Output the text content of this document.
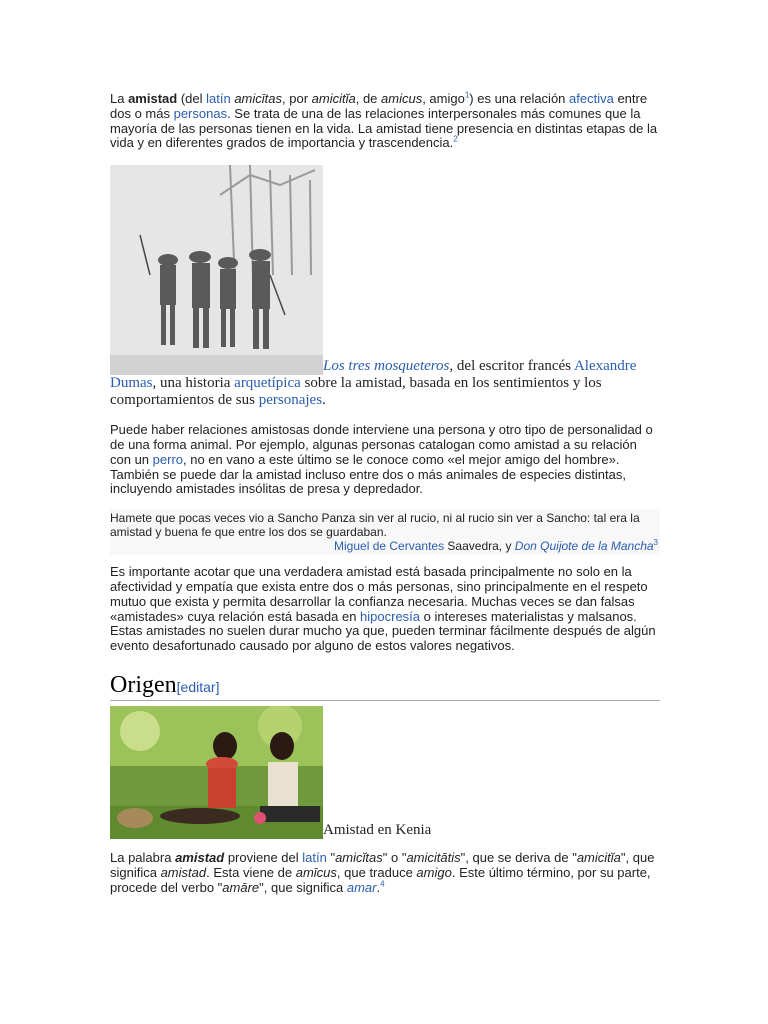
La amistad (del latín amicītas, por amicitĭa, de amicus, amigo$^1$) es una relación afectiva entre dos o más personas. Se trata de una de las relaciones interpersonales más comunes que la mayoría de las personas tienen en la vida. La amistad tiene presencia en distintas etapas de la vida y en diferentes grados de importancia y trascendencia.$^2$

Los tres mosqueteros, del escritor francés Alexandre Dumas, una historia arquetípica sobre la amistad, basada en los sentimientos y los comportamientos de sus personajes.

Puede haber relaciones amistosas donde interviene una persona y otro tipo de personalidad o de una forma animal. Por ejemplo, algunas personas catalogan como amistad a su relación con un perro, no en vano a este último se le conoce como «el mejor amigo del hombre». También se puede dar la amistad incluso entre dos o más animales de especies distintas, incluyendo amistades insólitas de presa y depredador.

Hamete que pocas veces vio a Sancho Panza sin ver al rucio, ni al rucio sin ver a Sancho: tal era la amistad y buena fe que entre los dos se guardaban.
Miguel de Cervantes Saavedra, y Don Quijote de la Mancha$^3$

Es importante acotar que una verdadera amistad está basada principalmente no solo en la afectividad y empatía que exista entre dos o más personas, sino principalmente en el respeto mutuo que exista y permita desarrollar la confianza necesaria. Muchas veces se dan falsas «amistades» cuya relación está basada en hipocresía o intereses materialistas y malsanos. Estas amistades no suelen durar mucho ya que, pueden terminar fácilmente después de algún evento desafortunado causado por alguno de estos valores negativos.

Origen[editar]
Amistad en Kenia

La palabra amistad proviene del latín "amicĭtas" o "amicitātis", que se deriva de "amicitĭa", que significa amistad. Esta viene de amīcus, que traduce amigo. Este último término, por su parte, procede del verbo "amāre", que significa amar.$^4$
